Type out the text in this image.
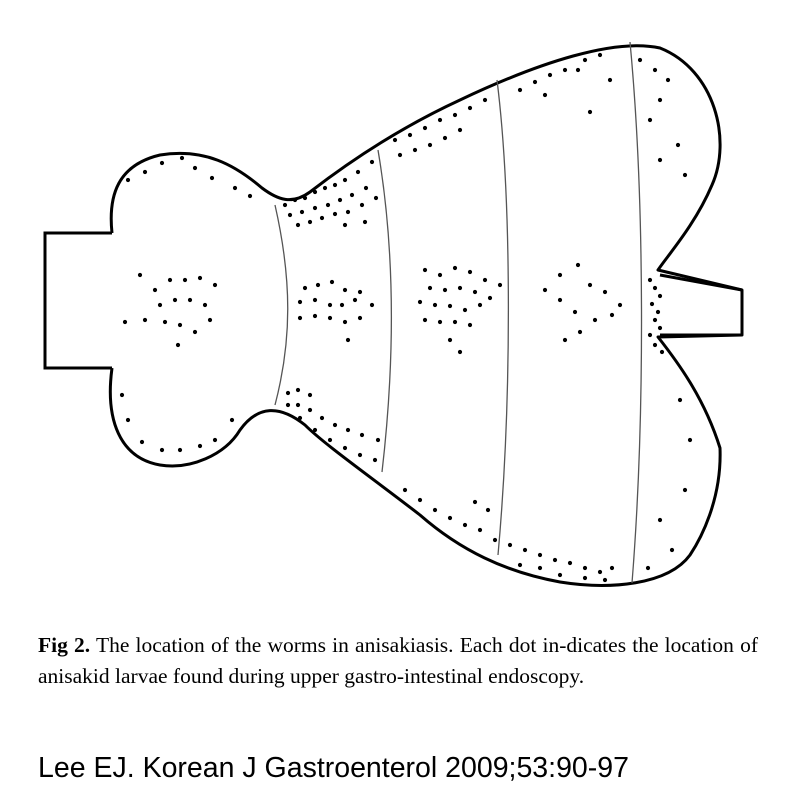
Fig 2. The location of the worms in anisakiasis. Each dot in-dicates the location of anisakid larvae found during upper gastro-intestinal endoscopy.

Lee EJ. Korean J Gastroenterol 2009;53:90-97
